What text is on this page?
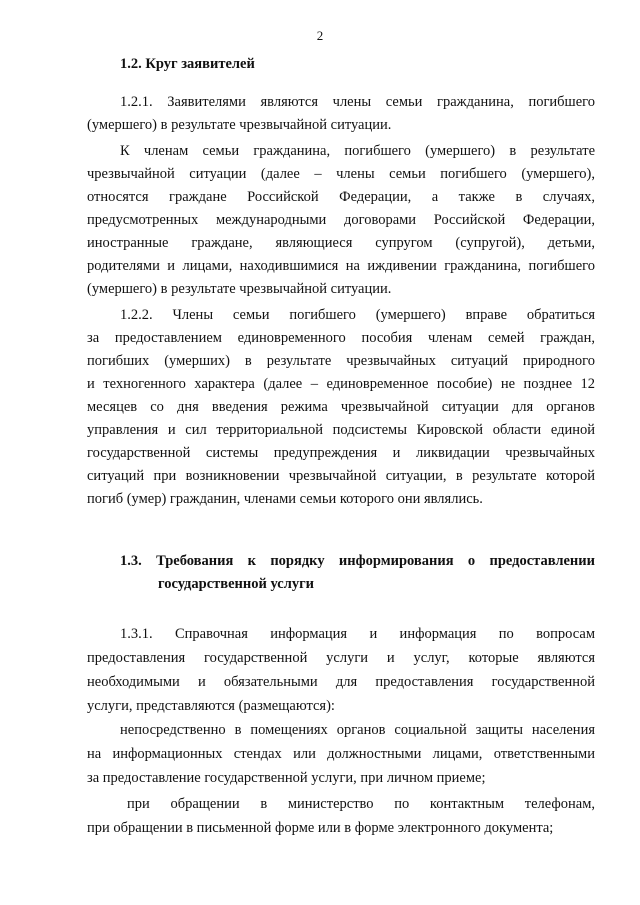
2
1.2. Круг заявителей
1.2.1. Заявителями являются члены семьи гражданина, погибшего
(умершего) в результате чрезвычайной ситуации.
К членам семьи гражданина, погибшего (умершего) в результате
чрезвычайной ситуации (далее – члены семьи погибшего (умершего),
относятся граждане Российской Федерации, а также в случаях,
предусмотренных международными договорами Российской Федерации,
иностранные граждане, являющиеся супругом (супругой), детьми,
родителями и лицами, находившимися на иждивении гражданина, погибшего
(умершего) в результате чрезвычайной ситуации.
1.2.2. Члены семьи погибшего (умершего) вправе обратиться
за предоставлением единовременного пособия членам семей граждан,
погибших (умерших) в результате чрезвычайных ситуаций природного
и техногенного характера (далее – единовременное пособие) не позднее 12
месяцев со дня введения режима чрезвычайной ситуации для органов
управления и сил территориальной подсистемы Кировской области единой
государственной системы предупреждения и ликвидации чрезвычайных
ситуаций при возникновении чрезвычайной ситуации, в результате которой
погиб (умер) гражданин, членами семьи которого они являлись.
1.3. Требования к порядку информирования о предоставлении
государственной услуги
1.3.1. Справочная информация и информация по вопросам
предоставления государственной услуги и услуг, которые являются
необходимыми и обязательными для предоставления государственной
услуги, представляются (размещаются):
непосредственно в помещениях органов социальной защиты населения
на информационных стендах или должностными лицами, ответственными
за предоставление государственной услуги, при личном приеме;
при обращении в министерство по контактным телефонам,
при обращении в письменной форме или в форме электронного документа;
